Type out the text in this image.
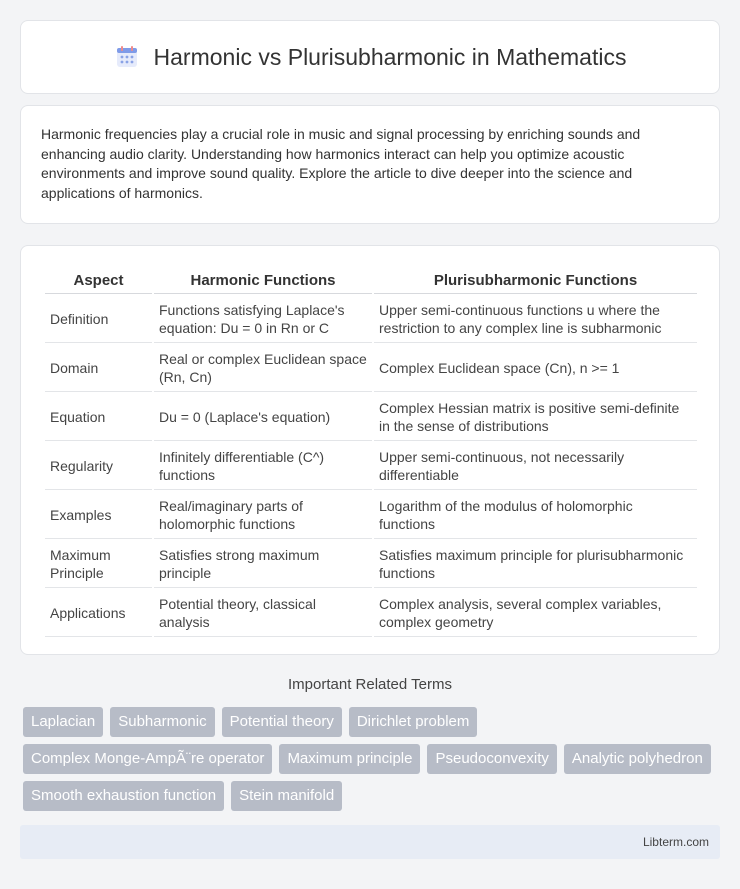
Harmonic vs Plurisubharmonic in Mathematics

Harmonic frequencies play a crucial role in music and signal processing by enriching sounds and enhancing audio clarity. Understanding how harmonics interact can help you optimize acoustic environments and improve sound quality. Explore the article to dive deeper into the science and applications of harmonics.

Aspect	Harmonic Functions	Plurisubharmonic Functions
Definition	Functions satisfying Laplace's equation: Du = 0 in Rn or C	Upper semi-continuous functions u where the restriction to any complex line is subharmonic
Domain	Real or complex Euclidean space (Rn, Cn)	Complex Euclidean space (Cn), n >= 1
Equation	Du = 0 (Laplace's equation)	Complex Hessian matrix is positive semi-definite in the sense of distributions
Regularity	Infinitely differentiable (C^) functions	Upper semi-continuous, not necessarily differentiable
Examples	Real/imaginary parts of holomorphic functions	Logarithm of the modulus of holomorphic functions
Maximum Principle	Satisfies strong maximum principle	Satisfies maximum principle for plurisubharmonic functions
Applications	Potential theory, classical analysis	Complex analysis, several complex variables, complex geometry
Important Related Terms
Laplacian	Subharmonic	Potential theory	Dirichlet problem
Complex Monge-AmpÃ¨re operator	Maximum principle	Pseudoconvexity	Analytic polyhedron
Smooth exhaustion function	Stein manifold
Libterm.com
